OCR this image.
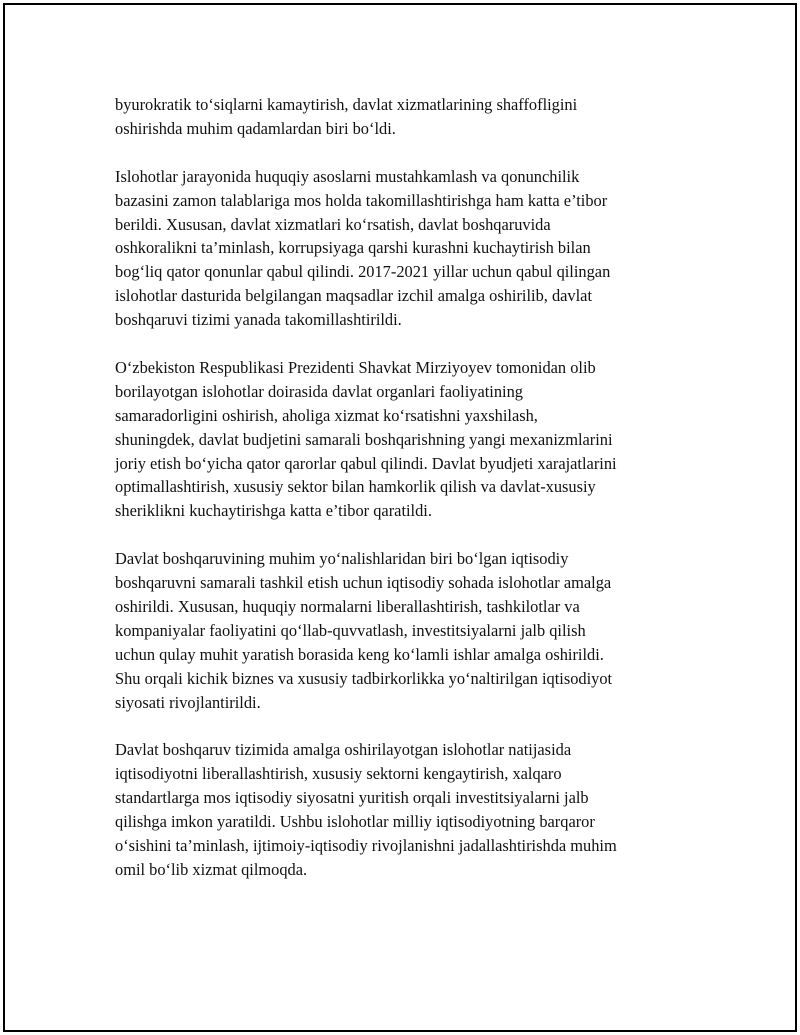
byurokratik to‘siqlarni kamaytirish, davlat xizmatlarining shaffofligini
oshirishda muhim qadamlardan biri bo‘ldi.

Islohotlar jarayonida huquqiy asoslarni mustahkamlash va qonunchilik
bazasini zamon talablariga mos holda takomillashtirishga ham katta e’tibor
berildi. Xususan, davlat xizmatlari ko‘rsatish, davlat boshqaruvida
oshkoralikni ta’minlash, korrupsiyaga qarshi kurashni kuchaytirish bilan
bog‘liq qator qonunlar qabul qilindi. 2017-2021 yillar uchun qabul qilingan
islohotlar dasturida belgilangan maqsadlar izchil amalga oshirilib, davlat
boshqaruvi tizimi yanada takomillashtirildi.

O‘zbekiston Respublikasi Prezidenti Shavkat Mirziyoyev tomonidan olib
borilayotgan islohotlar doirasida davlat organlari faoliyatining
samaradorligini oshirish, aholiga xizmat ko‘rsatishni yaxshilash,
shuningdek, davlat budjetini samarali boshqarishning yangi mexanizmlarini
joriy etish bo‘yicha qator qarorlar qabul qilindi. Davlat byudjeti xarajatlarini
optimallashtirish, xususiy sektor bilan hamkorlik qilish va davlat-xususiy
sheriklikni kuchaytirishga katta e’tibor qaratildi.

Davlat boshqaruvining muhim yo‘nalishlaridan biri bo‘lgan iqtisodiy
boshqaruvni samarali tashkil etish uchun iqtisodiy sohada islohotlar amalga
oshirildi. Xususan, huquqiy normalarni liberallashtirish, tashkilotlar va
kompaniyalar faoliyatini qo‘llab-quvvatlash, investitsiyalarni jalb qilish
uchun qulay muhit yaratish borasida keng ko‘lamli ishlar amalga oshirildi.
Shu orqali kichik biznes va xususiy tadbirkorlikka yo‘naltirilgan iqtisodiyot
siyosati rivojlantirildi.

Davlat boshqaruv tizimida amalga oshirilayotgan islohotlar natijasida
iqtisodiyotni liberallashtirish, xususiy sektorni kengaytirish, xalqaro
standartlarga mos iqtisodiy siyosatni yuritish orqali investitsiyalarni jalb
qilishga imkon yaratildi. Ushbu islohotlar milliy iqtisodiyotning barqaror
o‘sishini ta’minlash, ijtimoiy-iqtisodiy rivojlanishni jadallashtirishda muhim
omil bo‘lib xizmat qilmoqda.
